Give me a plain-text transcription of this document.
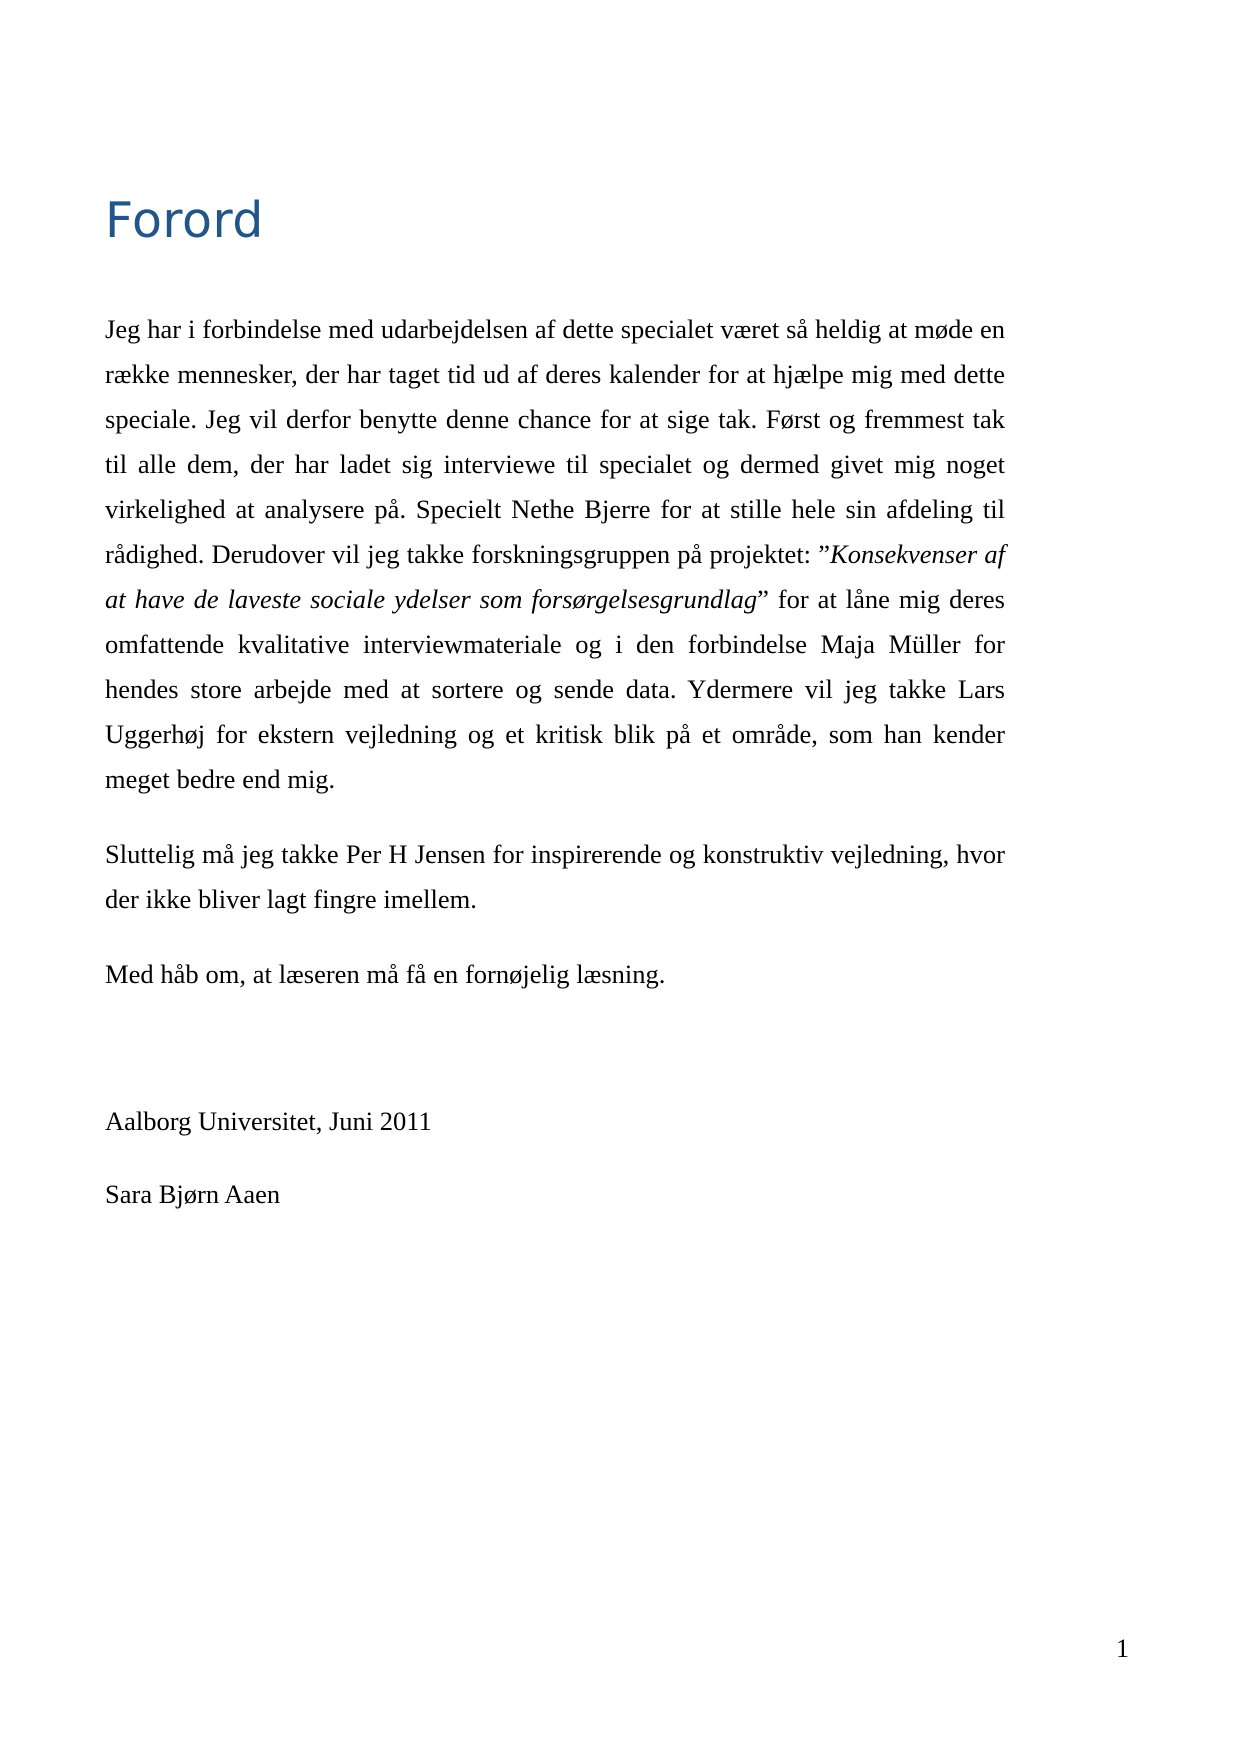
Forord

Jeg har i forbindelse med udarbejdelsen af dette specialet været så heldig at møde en række mennesker, der har taget tid ud af deres kalender for at hjælpe mig med dette speciale. Jeg vil derfor benytte denne chance for at sige tak. Først og fremmest tak til alle dem, der har ladet sig interviewe til specialet og dermed givet mig noget virkelighed at analysere på. Specielt Nethe Bjerre for at stille hele sin afdeling til rådighed. Derudover vil jeg takke forskningsgruppen på projektet: ”Konsekvenser af at have de laveste sociale ydelser som forsørgelsesgrundlag” for at låne mig deres omfattende kvalitative interviewmateriale og i den forbindelse Maja Müller for hendes store arbejde med at sortere og sende data. Ydermere vil jeg takke Lars Uggerhøj for ekstern vejledning og et kritisk blik på et område, som han kender meget bedre end mig.

Sluttelig må jeg takke Per H Jensen for inspirerende og konstruktiv vejledning, hvor der ikke bliver lagt fingre imellem.

Med håb om, at læseren må få en fornøjelig læsning.

Aalborg Universitet, Juni 2011
Sara Bjørn Aaen
1
